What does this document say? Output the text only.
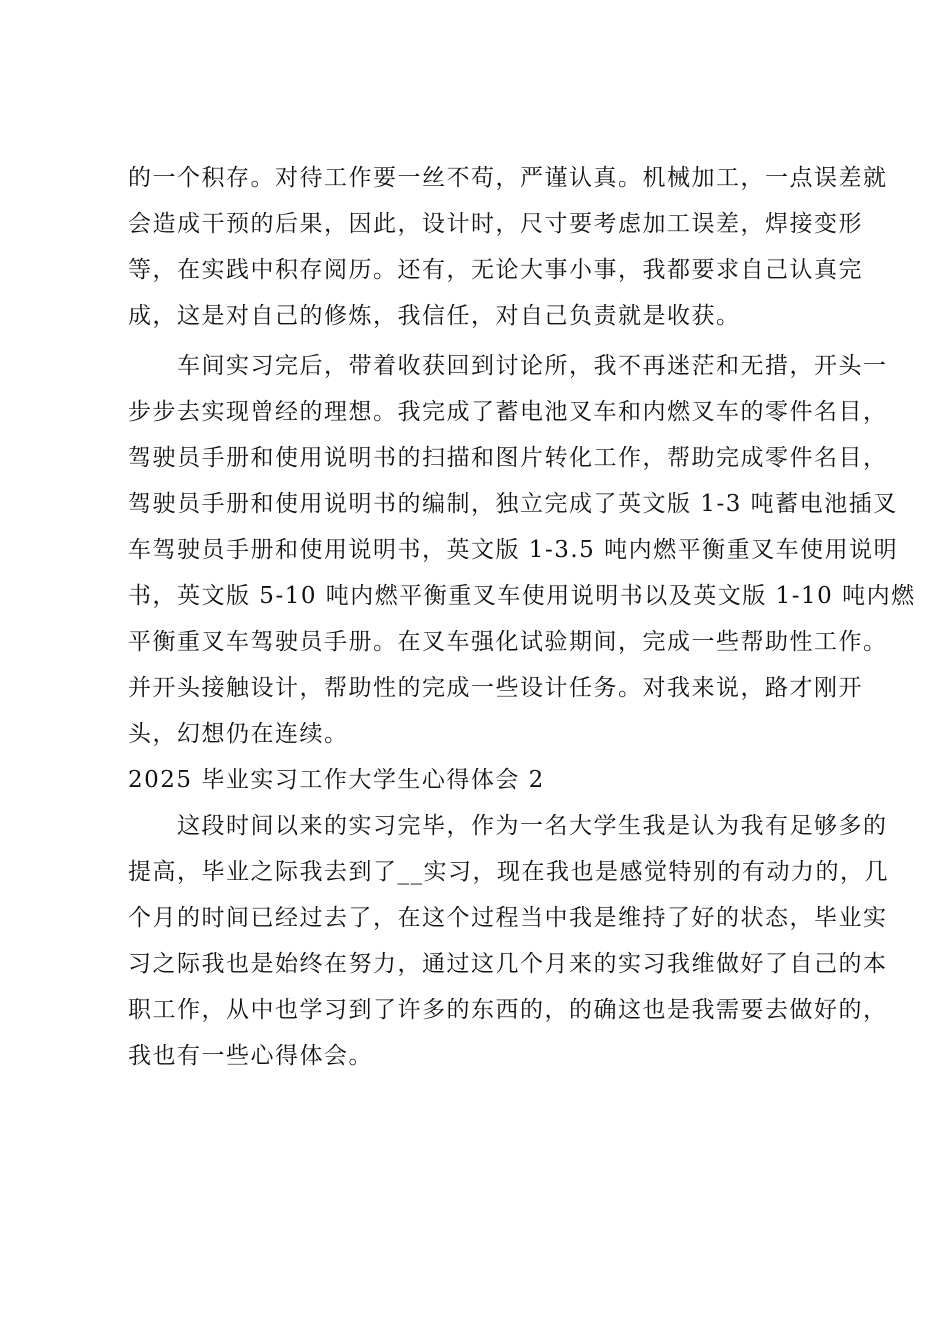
的一个积存。对待工作要一丝不苟，严谨认真。机械加工，一点误差就
会造成干预的后果，因此，设计时，尺寸要考虑加工误差，焊接变形
等，在实践中积存阅历。还有，无论大事小事，我都要求自己认真完
成，这是对自己的修炼，我信任，对自己负责就是收获。
　　车间实习完后，带着收获回到讨论所，我不再迷茫和无措，开头一
步步去实现曾经的理想。我完成了蓄电池叉车和内燃叉车的零件名目，
驾驶员手册和使用说明书的扫描和图片转化工作，帮助完成零件名目，
驾驶员手册和使用说明书的编制，独立完成了英文版 1-3 吨蓄电池插叉
车驾驶员手册和使用说明书，英文版 1-3.5 吨内燃平衡重叉车使用说明
书，英文版 5-10 吨内燃平衡重叉车使用说明书以及英文版 1-10 吨内燃
平衡重叉车驾驶员手册。在叉车强化试验期间，完成一些帮助性工作。
并开头接触设计，帮助性的完成一些设计任务。对我来说，路才刚开
头，幻想仍在连续。
2025 毕业实习工作大学生心得体会 2
　　这段时间以来的实习完毕，作为一名大学生我是认为我有足够多的
提高，毕业之际我去到了__实习，现在我也是感觉特别的有动力的，几
个月的时间已经过去了，在这个过程当中我是维持了好的状态，毕业实
习之际我也是始终在努力，通过这几个月来的实习我维做好了自己的本
职工作，从中也学习到了许多的东西的，的确这也是我需要去做好的，
我也有一些心得体会。
